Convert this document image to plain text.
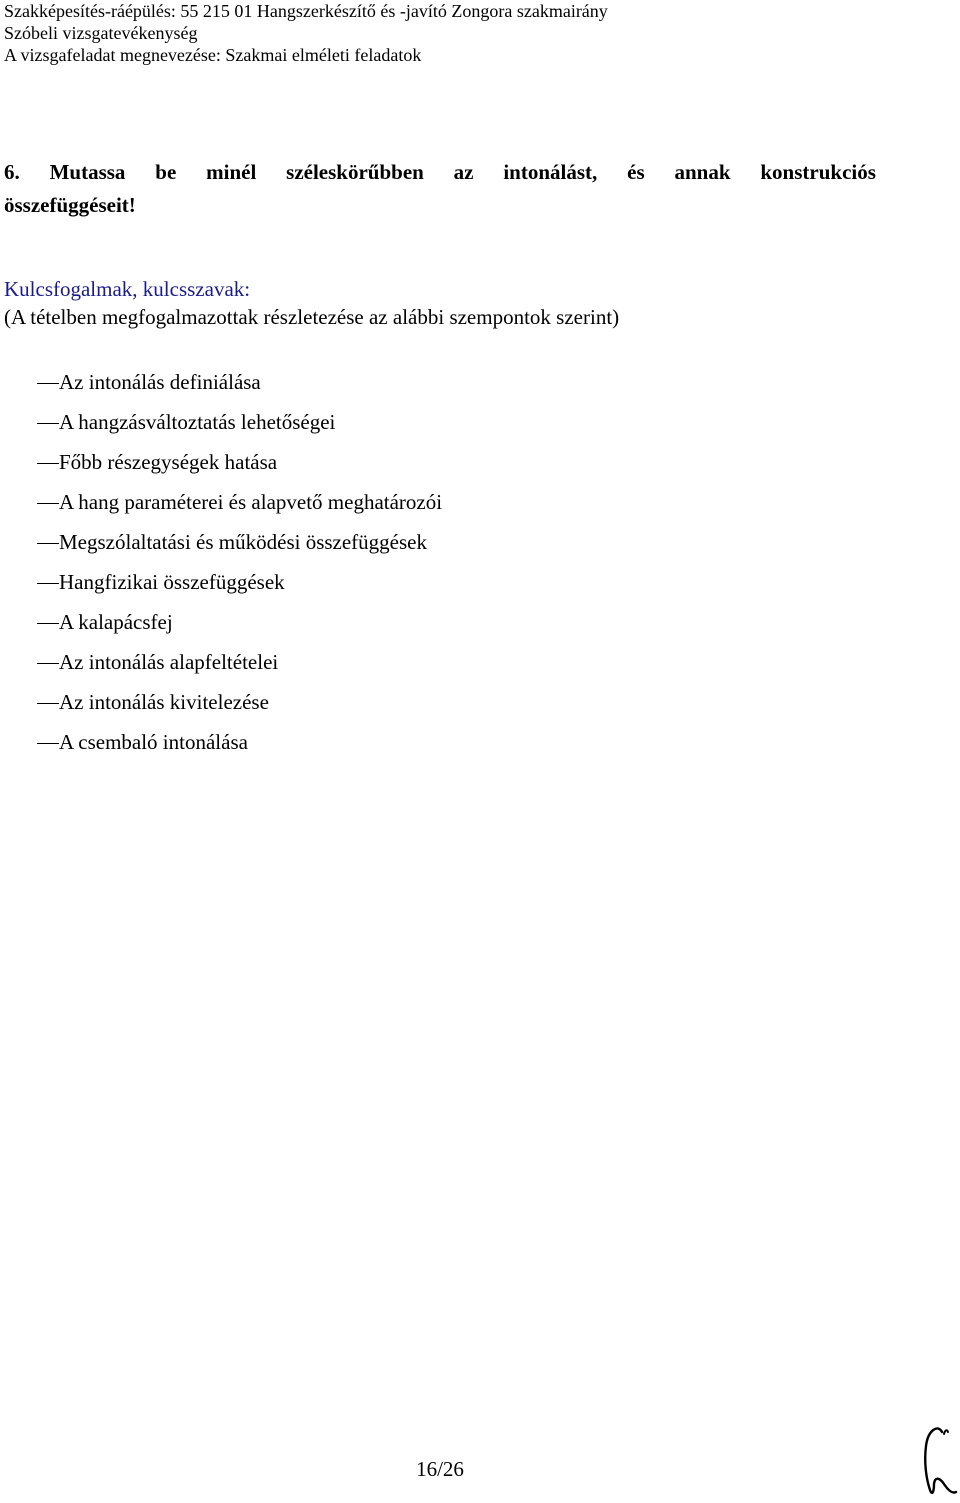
Szakképesítés-ráépülés: 55 215 01 Hangszerkészítő és -javító Zongora szakmairány
Szóbeli vizsgatevékenység
A vizsgafeladat megnevezése: Szakmai elméleti feladatok
6. Mutassa be minél széleskörűbben az intonálást, és annak konstrukciós
összefüggéseit!
Kulcsfogalmak, kulcsszavak:
(A tételben megfogalmazottak részletezése az alábbi szempontok szerint)
Az intonálás definiálása
A hangzásváltoztatás lehetőségei
Főbb részegységek hatása
A hang paraméterei és alapvető meghatározói
Megszólaltatási és működési összefüggések
Hangfizikai összefüggések
A kalapácsfej
Az intonálás alapfeltételei
Az intonálás kivitelezése
A csembaló intonálása
16/26
